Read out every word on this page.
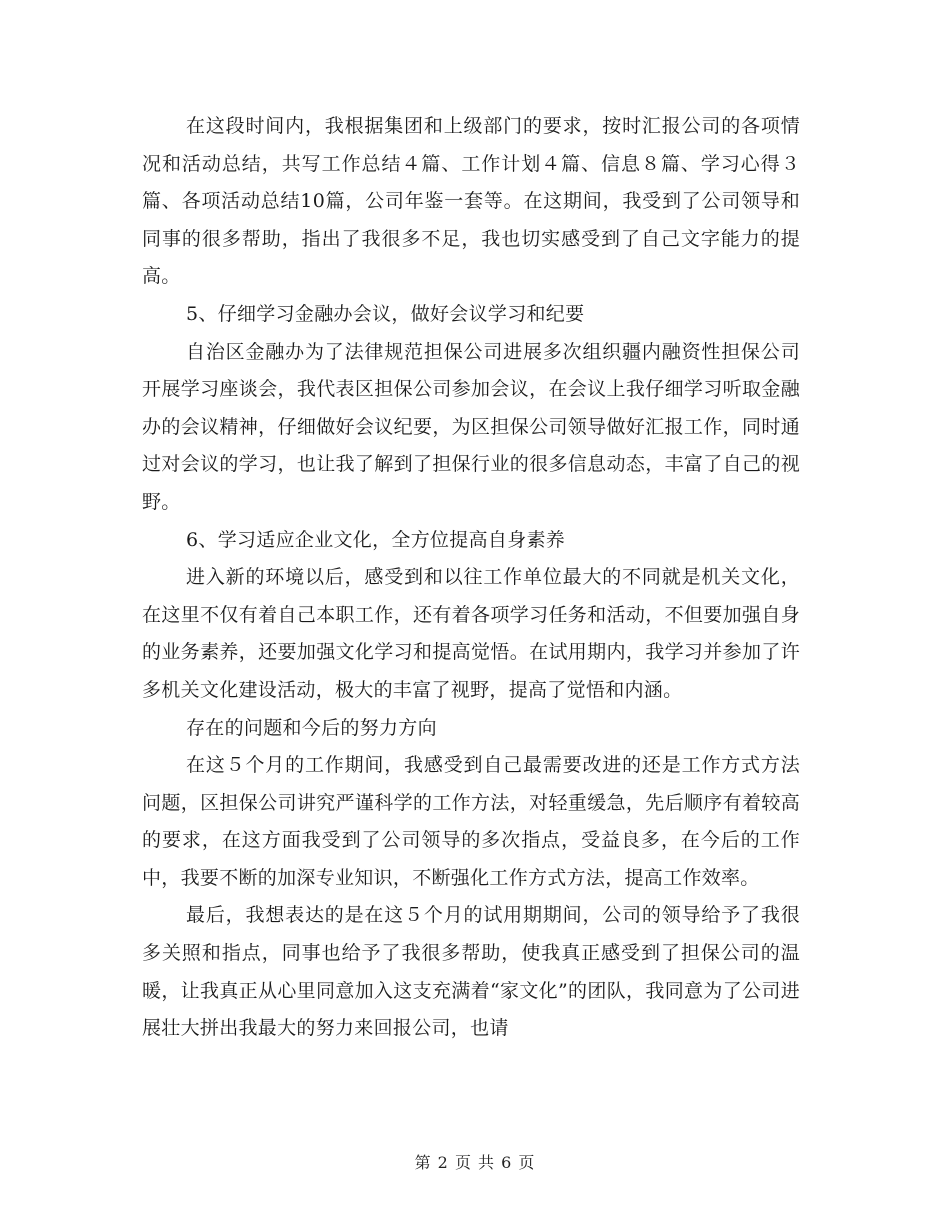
在这段时间内，我根据集团和上级部门的要求，按时汇报公司的各项情况和活动总结，共写工作总结４篇、工作计划４篇、信息８篇、学习心得３篇、各项活动总结10篇，公司年鉴一套等。在这期间，我受到了公司领导和同事的很多帮助，指出了我很多不足，我也切实感受到了自己文字能力的提高。

5、仔细学习金融办会议，做好会议学习和纪要

自治区金融办为了法律规范担保公司进展多次组织疆内融资性担保公司开展学习座谈会，我代表区担保公司参加会议，在会议上我仔细学习听取金融办的会议精神，仔细做好会议纪要，为区担保公司领导做好汇报工作，同时通过对会议的学习，也让我了解到了担保行业的很多信息动态，丰富了自己的视野。

6、学习适应企业文化，全方位提高自身素养

进入新的环境以后，感受到和以往工作单位最大的不同就是机关文化，在这里不仅有着自己本职工作，还有着各项学习任务和活动，不但要加强自身的业务素养，还要加强文化学习和提高觉悟。在试用期内，我学习并参加了许多机关文化建设活动，极大的丰富了视野，提高了觉悟和内涵。

存在的问题和今后的努力方向

在这５个月的工作期间，我感受到自己最需要改进的还是工作方式方法问题，区担保公司讲究严谨科学的工作方法，对轻重缓急，先后顺序有着较高的要求，在这方面我受到了公司领导的多次指点，受益良多，在今后的工作中，我要不断的加深专业知识，不断强化工作方式方法，提高工作效率。

最后，我想表达的是在这５个月的试用期期间，公司的领导给予了我很多关照和指点，同事也给予了我很多帮助，使我真正感受到了担保公司的温暖，让我真正从心里同意加入这支充满着“家文化”的团队，我同意为了公司进展壮大拼出我最大的努力来回报公司，也请

第 2 页 共 6 页
